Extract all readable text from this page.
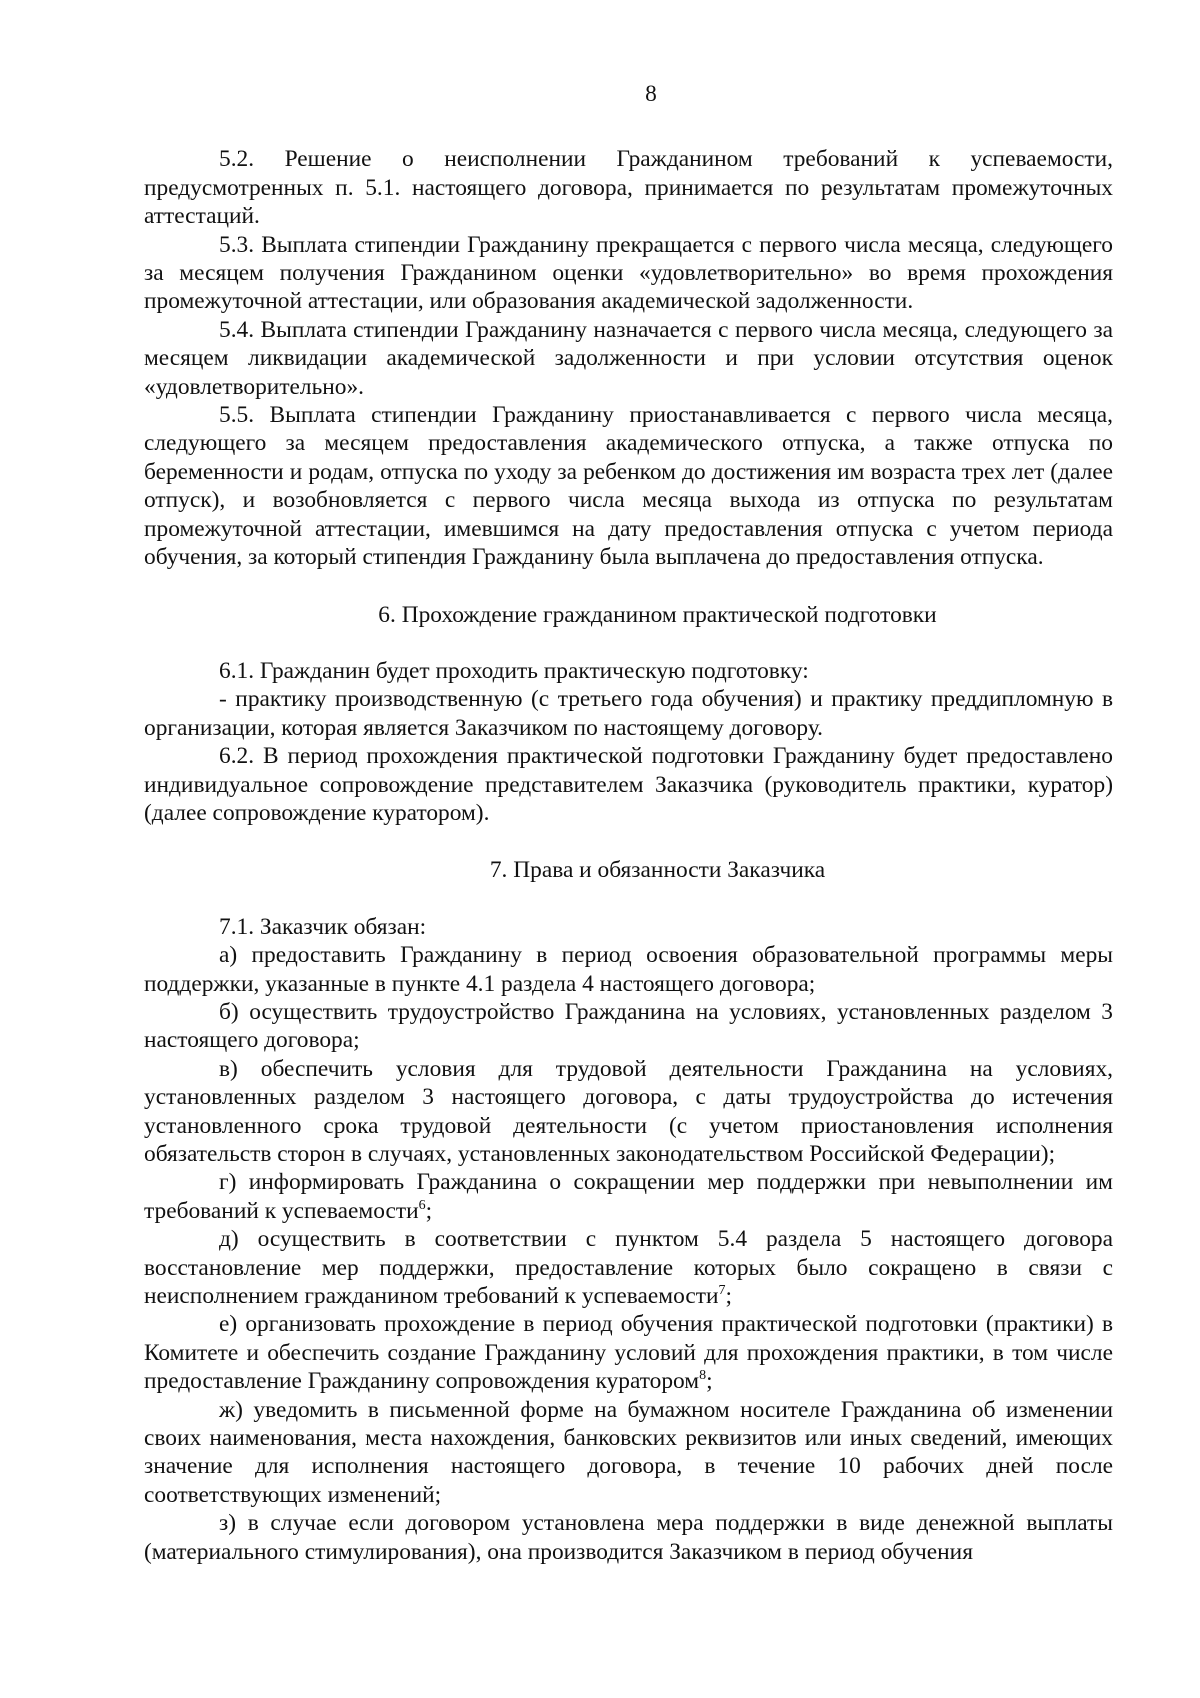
8

5.2. Решение о неисполнении Гражданином требований к успеваемости, предусмотренных п. 5.1. настоящего договора, принимается по результатам промежуточных аттестаций.

5.3. Выплата стипендии Гражданину прекращается с первого числа месяца, следующего за месяцем получения Гражданином оценки «удовлетворительно» во время прохождения промежуточной аттестации, или образования академической задолженности.

5.4. Выплата стипендии Гражданину назначается с первого числа месяца, следующего за месяцем ликвидации академической задолженности и при условии отсутствия оценок «удовлетворительно».

5.5. Выплата стипендии Гражданину приостанавливается с первого числа месяца, следующего за месяцем предоставления академического отпуска, а также отпуска по беременности и родам, отпуска по уходу за ребенком до достижения им возраста трех лет (далее отпуск), и возобновляется с первого числа месяца выхода из отпуска по результатам промежуточной аттестации, имевшимся на дату предоставления отпуска с учетом периода обучения, за который стипендия Гражданину была выплачена до предоставления отпуска.

6. Прохождение гражданином практической подготовки

6.1. Гражданин будет проходить практическую подготовку:

- практику производственную (с третьего года обучения) и практику преддипломную в организации, которая является Заказчиком по настоящему договору.

6.2. В период прохождения практической подготовки Гражданину будет предоставлено индивидуальное сопровождение представителем Заказчика (руководитель практики, куратор) (далее сопровождение куратором).

7. Права и обязанности Заказчика

7.1. Заказчик обязан:

а) предоставить Гражданину в период освоения образовательной программы меры поддержки, указанные в пункте 4.1 раздела 4 настоящего договора;

б) осуществить трудоустройство Гражданина на условиях, установленных разделом 3 настоящего договора;

в) обеспечить условия для трудовой деятельности Гражданина на условиях, установленных разделом 3 настоящего договора, с даты трудоустройства до истечения установленного срока трудовой деятельности (с учетом приостановления исполнения обязательств сторон в случаях, установленных законодательством Российской Федерации);

г) информировать Гражданина о сокращении мер поддержки при невыполнении им требований к успеваемости$^6$;

д) осуществить в соответствии с пунктом 5.4 раздела 5 настоящего договора восстановление мер поддержки, предоставление которых было сокращено в связи с неисполнением гражданином требований к успеваемости$^7$;

е) организовать прохождение в период обучения практической подготовки (практики) в Комитете и обеспечить создание Гражданину условий для прохождения практики, в том числе предоставление Гражданину сопровождения куратором$^8$;

ж) уведомить в письменной форме на бумажном носителе Гражданина об изменении своих наименования, места нахождения, банковских реквизитов или иных сведений, имеющих значение для исполнения настоящего договора, в течение 10 рабочих дней после соответствующих изменений;

з) в случае если договором установлена мера поддержки в виде денежной выплаты (материального стимулирования), она производится Заказчиком в период обучения
